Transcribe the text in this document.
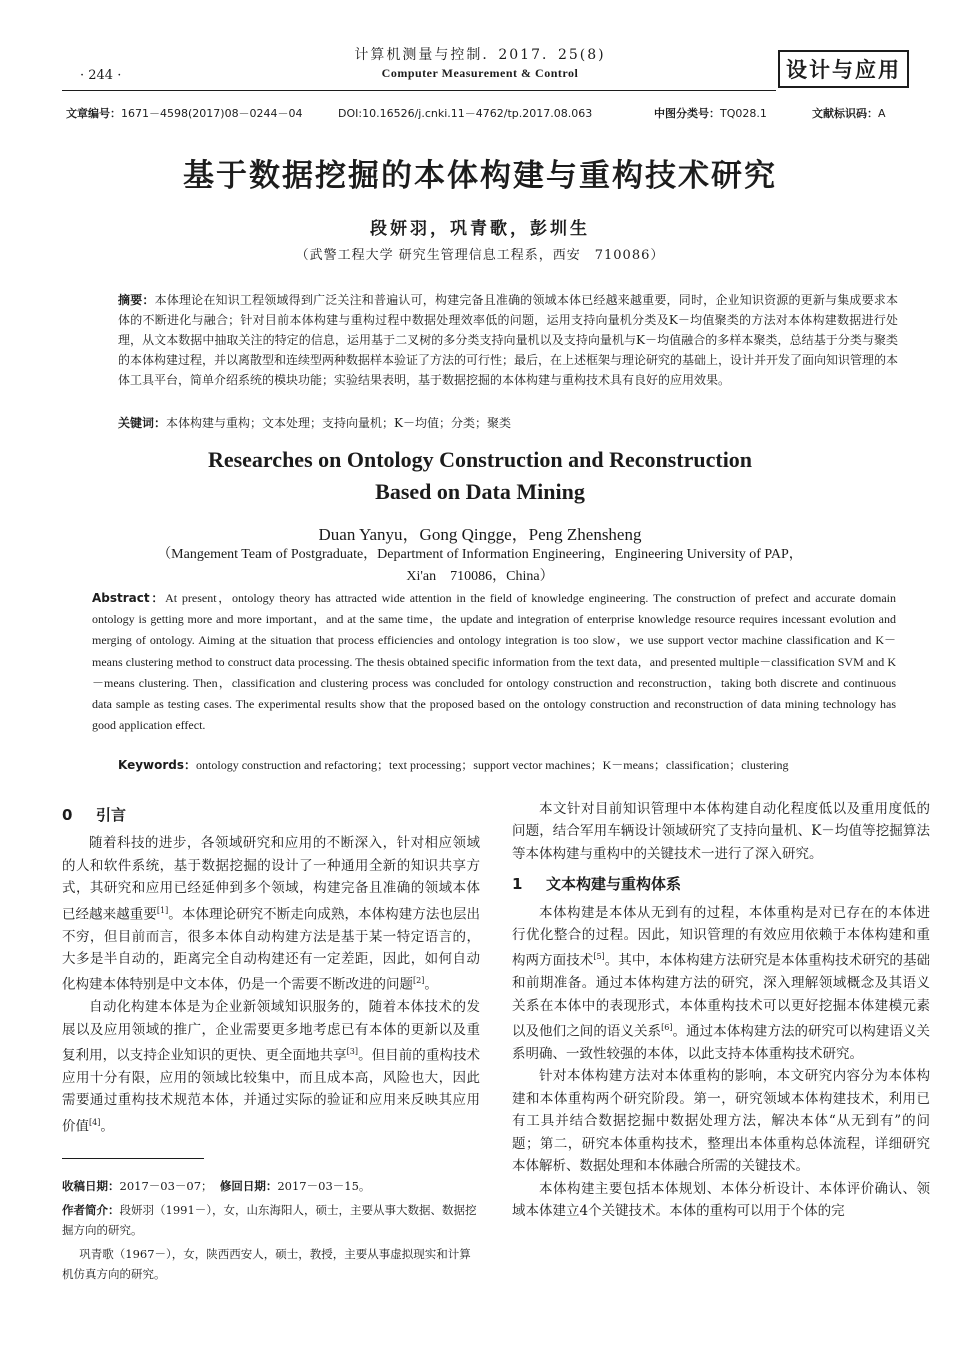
计算机测量与控制．2017．25(8)
Computer Measurement & Control
· 244 ·	设计与应用
文章编号：1671－4598(2017)08－0244－04	DOI:10.16526/j.cnki.11－4762/tp.2017.08.063	中图分类号：TQ028.1	文献标识码：A
基于数据挖掘的本体构建与重构技术研究
段妍羽，巩青歌，彭圳生
（武警工程大学 研究生管理信息工程系，西安　710086）
摘要：本体理论在知识工程领域得到广泛关注和普遍认可，构建完备且准确的领域本体已经越来越重要，同时，企业知识资源的更新与集成要求本体的不断进化与融合；针对目前本体构建与重构过程中数据处理效率低的问题，运用支持向量机分类及K－均值聚类的方法对本体构建数据进行处理，从文本数据中抽取关注的特定的信息，运用基于二叉树的多分类支持向量机以及支持向量机与K－均值融合的多样本聚类，总结基于分类与聚类的本体构建过程，并以离散型和连续型两种数据样本验证了方法的可行性；最后，在上述框架与理论研究的基础上，设计并开发了面向知识管理的本体工具平台，简单介绍系统的模块功能；实验结果表明，基于数据挖掘的本体构建与重构技术具有良好的应用效果。
关键词：本体构建与重构；文本处理；支持向量机；K－均值；分类；聚类
Researches on Ontology Construction and Reconstruction
Based on Data Mining
Duan Yanyu，Gong Qingge，Peng Zhensheng
（Mangement Team of Postgraduate，Department of Information Engineering，Engineering University of PAP，
Xi'an　710086，China）
Abstract：At present，ontology theory has attracted wide attention in the field of knowledge engineering. The construction of prefect and accurate domain ontology is getting more and more important，and at the same time，the update and integration of enterprise knowledge resource requires incessant evolution and merging of ontology. Aiming at the situation that process efficiencies and ontology integration is too slow，we use support vector machine classification and K－ means clustering method to construct data processing. The thesis obtained specific information from the text data，and presented multiple－classification SVM and K－means clustering. Then，classification and clustering process was concluded for ontology construction and reconstruction，taking both discrete and continuous data sample as testing cases. The experimental results show that the proposed based on the ontology construction and reconstruction of data mining technology has good application effect.
Keywords：ontology construction and refactoring；text processing；support vector machines；K－means；classification；clustering
0 引言

随着科技的进步，各领域研究和应用的不断深入，针对相应领域的人和软件系统，基于数据挖掘的设计了一种通用全新的知识共享方式，其研究和应用已经延伸到多个领域，构建完备且准确的领域本体已经越来越重要[1]。本体理论研究不断走向成熟，本体构建方法也层出不穷，但目前而言，很多本体自动构建方法是基于某一特定语言的，大多是半自动的，距离完全自动构建还有一定差距，因此，如何自动化构建本体特别是中文本体，仍是一个需要不断改进的问题[2]。

自动化构建本体是为企业新领域知识服务的，随着本体技术的发展以及应用领域的推广，企业需要更多地考虑已有本体的更新以及重复利用，以支持企业知识的更快、更全面地共享[3]。但目前的重构技术应用十分有限，应用的领域比较集中，而且成本高，风险也大，因此需要通过重构技术规范本体，并通过实际的验证和应用来反映其应用价值[4]。

收稿日期：2017－03－07； 修回日期：2017－03－15。
作者简介：段妍羽（1991－），女，山东海阳人，硕士，主要从事大数据、数据挖掘方向的研究。
巩青歌（1967－），女，陕西西安人，硕士，教授，主要从事虚拟现实和计算机仿真方向的研究。

本文针对目前知识管理中本体构建自动化程度低以及重用度低的问题，结合军用车辆设计领域研究了支持向量机、K－均值等挖掘算法等本体构建与重构中的关键技术一进行了深入研究。

1 文本构建与重构体系

本体构建是本体从无到有的过程，本体重构是对已存在的本体进行优化整合的过程。因此，知识管理的有效应用依赖于本体构建和重构两方面技术[5]。其中，本体构建方法研究是本体重构技术研究的基础和前期准备。通过本体构建方法的研究，深入理解领域概念及其语义关系在本体中的表现形式，本体重构技术可以更好挖掘本体建模元素以及他们之间的语义关系[6]。通过本体构建方法的研究可以构建语义关系明确、一致性较强的本体，以此支持本体重构技术研究。

针对本体构建方法对本体重构的影响，本文研究内容分为本体构建和本体重构两个研究阶段。第一，研究领域本体构建技术，利用已有工具并结合数据挖掘中数据处理方法，解决本体“从无到有”的问题；第二，研究本体重构技术，整理出本体重构总体流程，详细研究本体解析、数据处理和本体融合所需的关键技术。

本体构建主要包括本体规划、本体分析设计、本体评价确认、领域本体建立4个关键技术。本体的重构可以用于个体的完
